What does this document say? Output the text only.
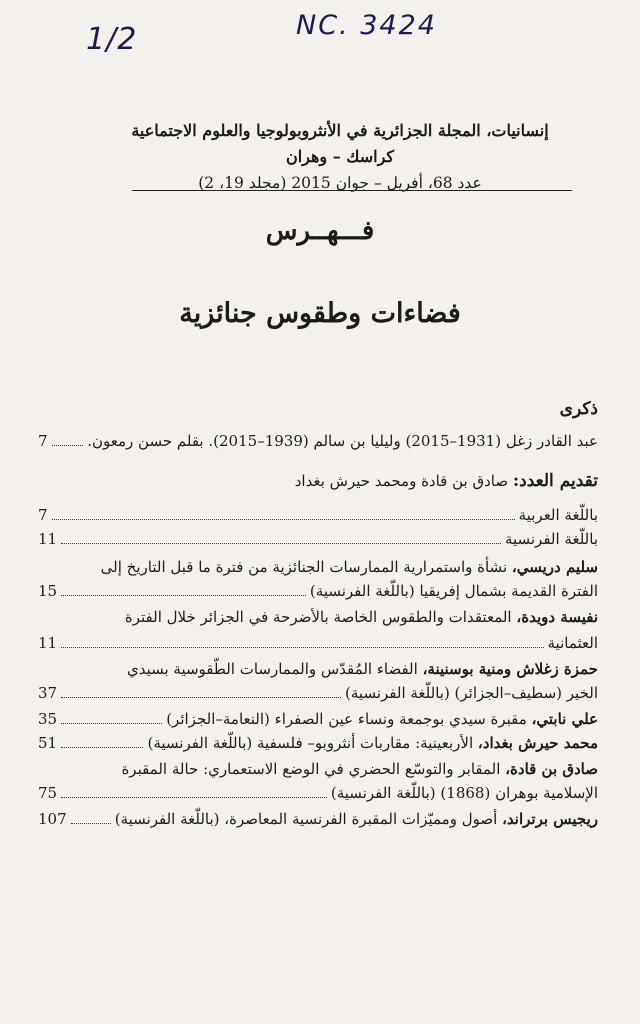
1/2	NC. 3424
إنسانيات، المجلة الجزائرية في الأنثروبولوجيا والعلوم الاجتماعية
كراسك – وهران
عدد 68، أفريل – جوان 2015 (مجلد 19، 2)
فـــهــرس
فضاءات وطقوس جنائزية
ذكرى
عبد القادر زغل (1931–2015) وليليا بن سالم (1939–2015). بقلم حسن رمعون.
7
تقديم العدد: صادق بن قادة ومحمد حيرش بغداد
باللّغة العربية
7
باللّغة الفرنسية
11
سليم دريسي، نشأة واستمرارية الممارسات الجنائزية من فترة ما قبل التاريخ إلى
الفترة القديمة بشمال إفريقيا (باللّغة الفرنسية)
15
نفيسة دويدة، المعتقدات والطقوس الخاصة بالأضرحة في الجزائر خلال الفترة
العثمانية
11
حمزة زغلاش ومنية بوسنينة، الفضاء المُقدّس والممارسات الطّقوسية بسيدي
الخير (سطيف–الجزائر) (باللّغة الفرنسية)
37
علي نابتي، مقبرة سيدي بوجمعة ونساء عين الصفراء (النعامة–الجزائر)
35
محمد حيرش بغداد، الأربعينية: مقاربات أنثروبو– فلسفية (باللّغة الفرنسية)
51
صادق بن قادة، المقابر والتوسّع الحضري في الوضع الاستعماري: حالة المقبرة
الإسلامية بوهران (1868) (باللّغة الفرنسية)
75
ريجيس برتراند، أصول ومميّزات المقبرة الفرنسية المعاصرة، (باللّغة الفرنسية)
107
